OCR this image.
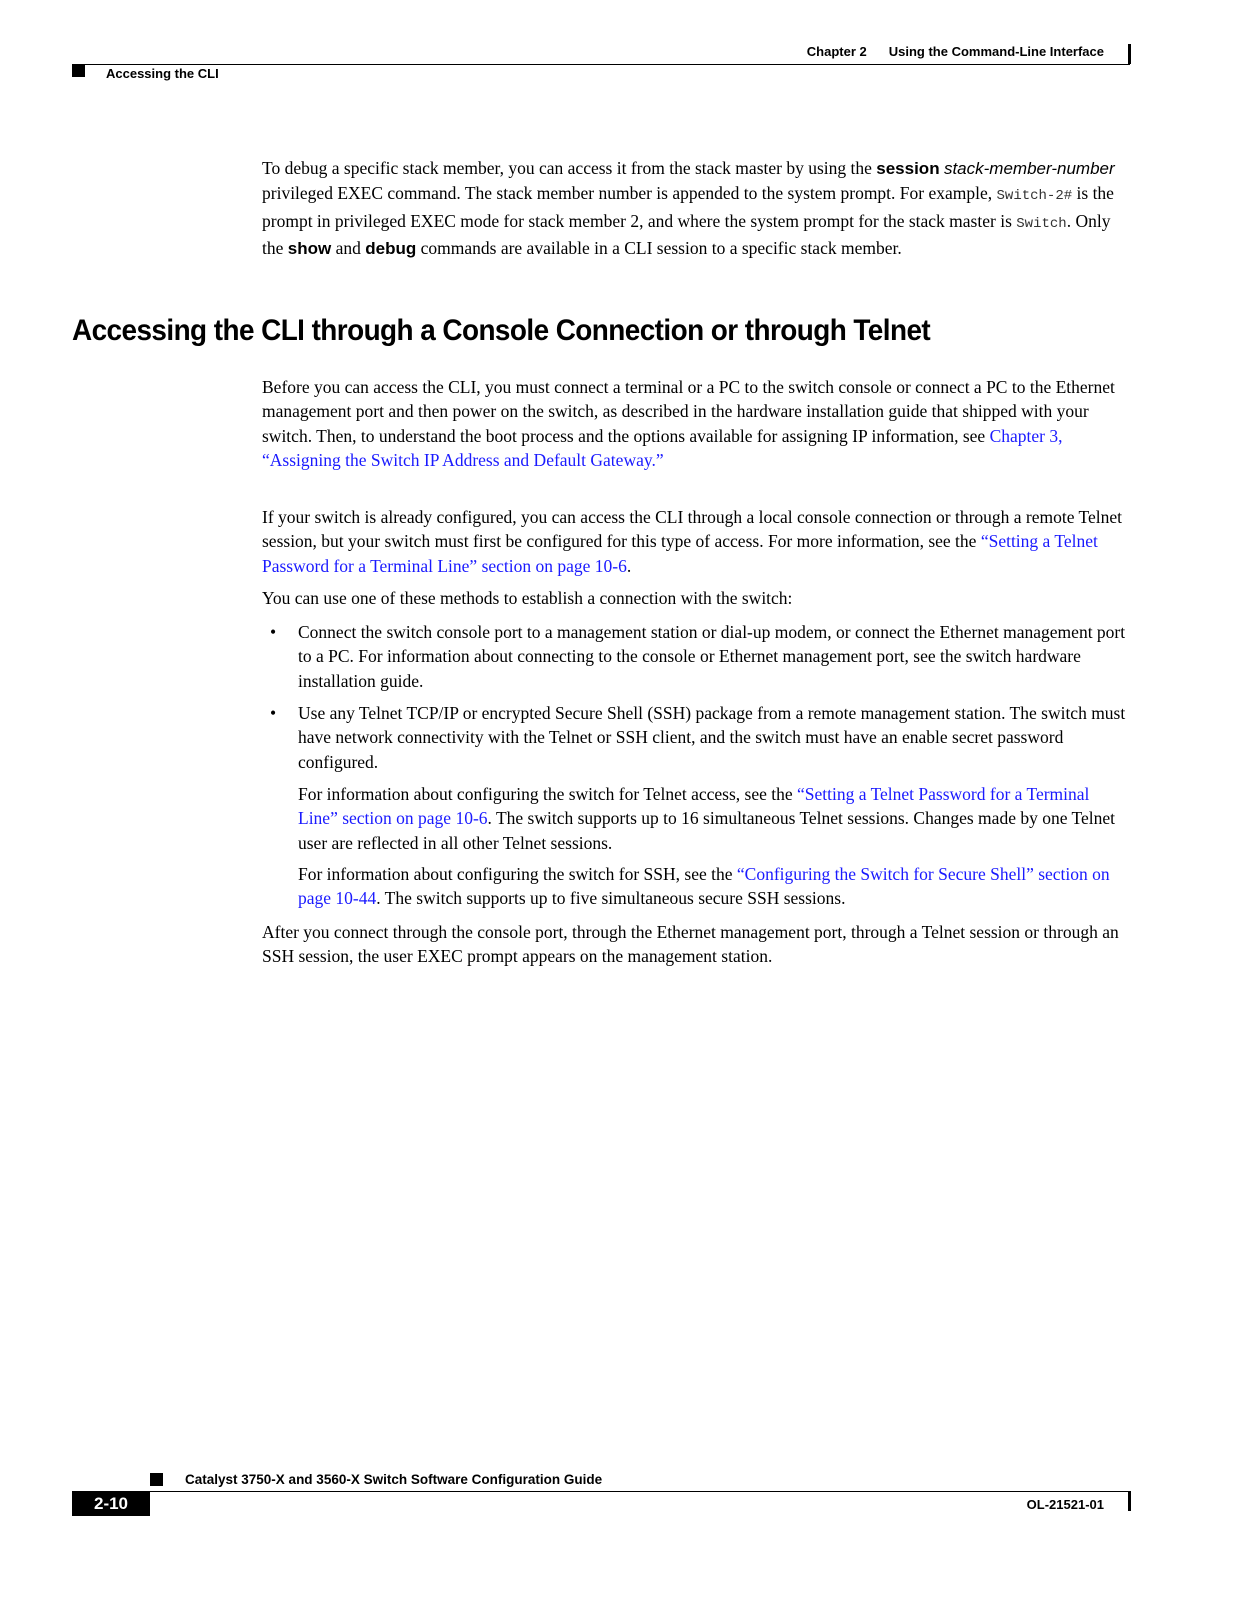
Chapter 2 Using the Command-Line Interface
Accessing the CLI

To debug a specific stack member, you can access it from the stack master by using the session stack-member-number privileged EXEC command. The stack member number is appended to the system prompt. For example, Switch-2# is the prompt in privileged EXEC mode for stack member 2, and where the system prompt for the stack master is Switch. Only the show and debug commands are available in a CLI session to a specific stack member.

Accessing the CLI through a Console Connection or through Telnet

Before you can access the CLI, you must connect a terminal or a PC to the switch console or connect a PC to the Ethernet management port and then power on the switch, as described in the hardware installation guide that shipped with your switch. Then, to understand the boot process and the options available for assigning IP information, see Chapter 3, “Assigning the Switch IP Address and Default Gateway.”

If your switch is already configured, you can access the CLI through a local console connection or through a remote Telnet session, but your switch must first be configured for this type of access. For more information, see the “Setting a Telnet Password for a Terminal Line” section on page 10-6.

You can use one of these methods to establish a connection with the switch:
• Connect the switch console port to a management station or dial-up modem, or connect the Ethernet management port to a PC. For information about connecting to the console or Ethernet management port, see the switch hardware installation guide.
• Use any Telnet TCP/IP or encrypted Secure Shell (SSH) package from a remote management station. The switch must have network connectivity with the Telnet or SSH client, and the switch must have an enable secret password configured.

For information about configuring the switch for Telnet access, see the “Setting a Telnet Password for a Terminal Line” section on page 10-6. The switch supports up to 16 simultaneous Telnet sessions. Changes made by one Telnet user are reflected in all other Telnet sessions.

For information about configuring the switch for SSH, see the “Configuring the Switch for Secure Shell” section on page 10-44. The switch supports up to five simultaneous secure SSH sessions.

After you connect through the console port, through the Ethernet management port, through a Telnet session or through an SSH session, the user EXEC prompt appears on the management station.
Catalyst 3750-X and 3560-X Switch Software Configuration Guide
2-10	OL-21521-01
